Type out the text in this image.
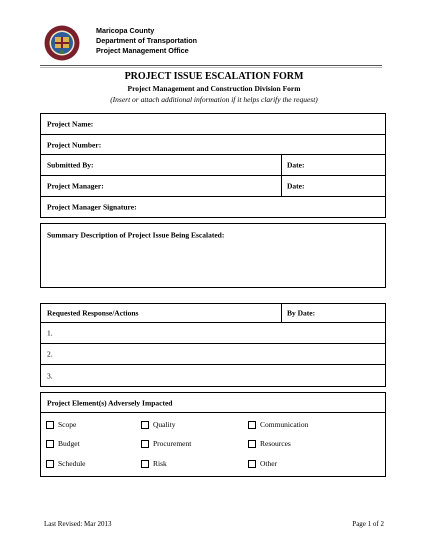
Maricopa County
Department of Transportation
Project Management Office
PROJECT ISSUE ESCALATION FORM
Project Management and Construction Division Form
(Insert or attach additional information if it helps clarify the request)
Project Name:
Project Number:
Submitted By:	Date:
Project Manager:	Date:
Project Manager Signature:
Summary Description of Project Issue Being Escalated:
Requested Response/Actions	By Date:
1.
2.
3.
Project Element(s) Adversely Impacted
Scope	Quality	Communication
Budget	Procurement	Resources
Schedule	Risk	Other
Last Revised: Mar 2013	Page 1 of 2
